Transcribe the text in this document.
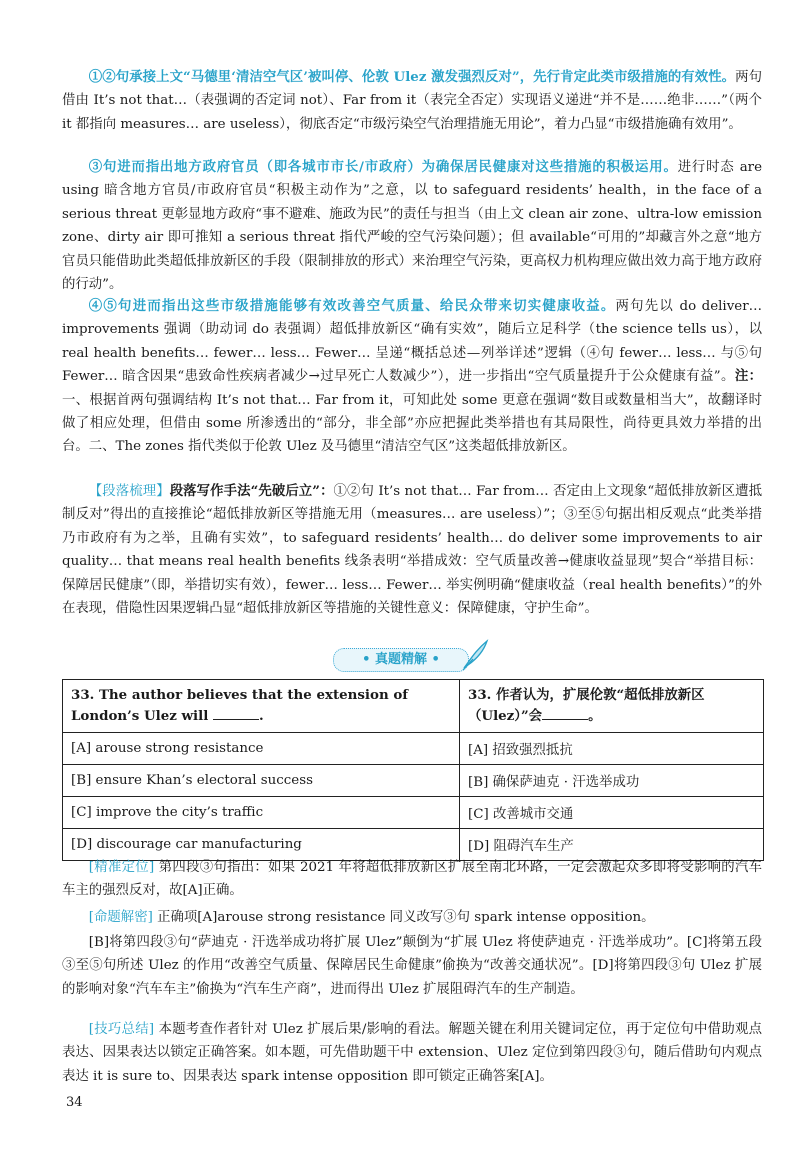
①②句承接上文“马德里‘清洁空气区’被叫停、伦敦 Ulez 激发强烈反对”，先行肯定此类市级措施的有效性。两句借由 It’s not that…（表强调的否定词 not）、Far from it（表完全否定）实现语义递进“并不是……绝非……”（两个 it 都指向 measures… are useless），彻底否定“市级污染空气治理措施无用论”，着力凸显“市级措施确有效用”。

③句进而指出地方政府官员（即各城市市长/市政府）为确保居民健康对这些措施的积极运用。进行时态 are using 暗含地方官员/市政府官员“积极主动作为”之意，以 to safeguard residents’ health，in the face of a serious threat 更彰显地方政府“事不避难、施政为民”的责任与担当（由上文 clean air zone、ultra-low emission zone、dirty air 即可推知 a serious threat 指代严峻的空气污染问题）；但 available“可用的”却藏言外之意“地方官员只能借助此类超低排放新区的手段（限制排放的形式）来治理空气污染，更高权力机构理应做出效力高于地方政府的行动”。

④⑤句进而指出这些市级措施能够有效改善空气质量、给民众带来切实健康收益。两句先以 do deliver… improvements 强调（助动词 do 表强调）超低排放新区“确有实效”，随后立足科学（the science tells us），以 real health benefits… fewer… less… Fewer… 呈递“概括总述—列举详述”逻辑（④句 fewer… less… 与⑤句 Fewer… 暗含因果“患致命性疾病者减少→过早死亡人数减少”），进一步指出“空气质量提升于公众健康有益”。注：一、根据首两句强调结构 It’s not that… Far from it，可知此处 some 更意在强调“数目或数量相当大”，故翻译时做了相应处理，但借由 some 所渗透出的“部分，非全部”亦应把握此类举措也有其局限性，尚待更具效力举措的出台。二、The zones 指代类似于伦敦 Ulez 及马德里“清洁空气区”这类超低排放新区。

【段落梳理】段落写作手法“先破后立”：①②句 It’s not that… Far from… 否定由上文现象“超低排放新区遭抵制反对”得出的直接推论“超低排放新区等措施无用（measures… are useless）”；③至⑤句据出相反观点“此类举措乃市政府有为之举，且确有实效”，to safeguard residents’ health… do deliver some improvements to air quality… that means real health benefits 线条表明“举措成效：空气质量改善→健康收益显现”契合“举措目标：保障居民健康”（即，举措切实有效），fewer… less… Fewer… 举实例明确“健康收益（real health benefits）”的外在表现，借隐性因果逻辑凸显“超低排放新区等措施的关键性意义：保障健康，守护生命”。

• 真题精解 •
33. The author believes that the extension of London’s Ulez will .	33. 作者认为，扩展伦敦“超低排放新区（Ulez）”会 。
[A] arouse strong resistance	[A] 招致强烈抵抗
[B] ensure Khan’s electoral success	[B] 确保萨迪克 · 汗选举成功
[C] improve the city’s traffic	[C] 改善城市交通
[D] discourage car manufacturing	[D] 阻碍汽车生产

[精准定位] 第四段③句指出：如果 2021 年将超低排放新区扩展至南北环路，一定会激起众多即将受影响的汽车车主的强烈反对，故[A]正确。

[命题解密] 正确项[A]arouse strong resistance 同义改写③句 spark intense opposition。

[B]将第四段③句“萨迪克 · 汗选举成功将扩展 Ulez”颠倒为“扩展 Ulez 将使萨迪克 · 汗选举成功”。[C]将第五段③至⑤句所述 Ulez 的作用“改善空气质量、保障居民生命健康”偷换为“改善交通状况”。[D]将第四段③句 Ulez 扩展的影响对象“汽车车主”偷换为“汽车生产商”，进而得出 Ulez 扩展阻碍汽车的生产制造。

[技巧总结] 本题考查作者针对 Ulez 扩展后果/影响的看法。解题关键在利用关键词定位，再于定位句中借助观点表达、因果表达以锁定正确答案。如本题，可先借助题干中 extension、Ulez 定位到第四段③句，随后借助句内观点表达 it is sure to、因果表达 spark intense opposition 即可锁定正确答案[A]。

34
